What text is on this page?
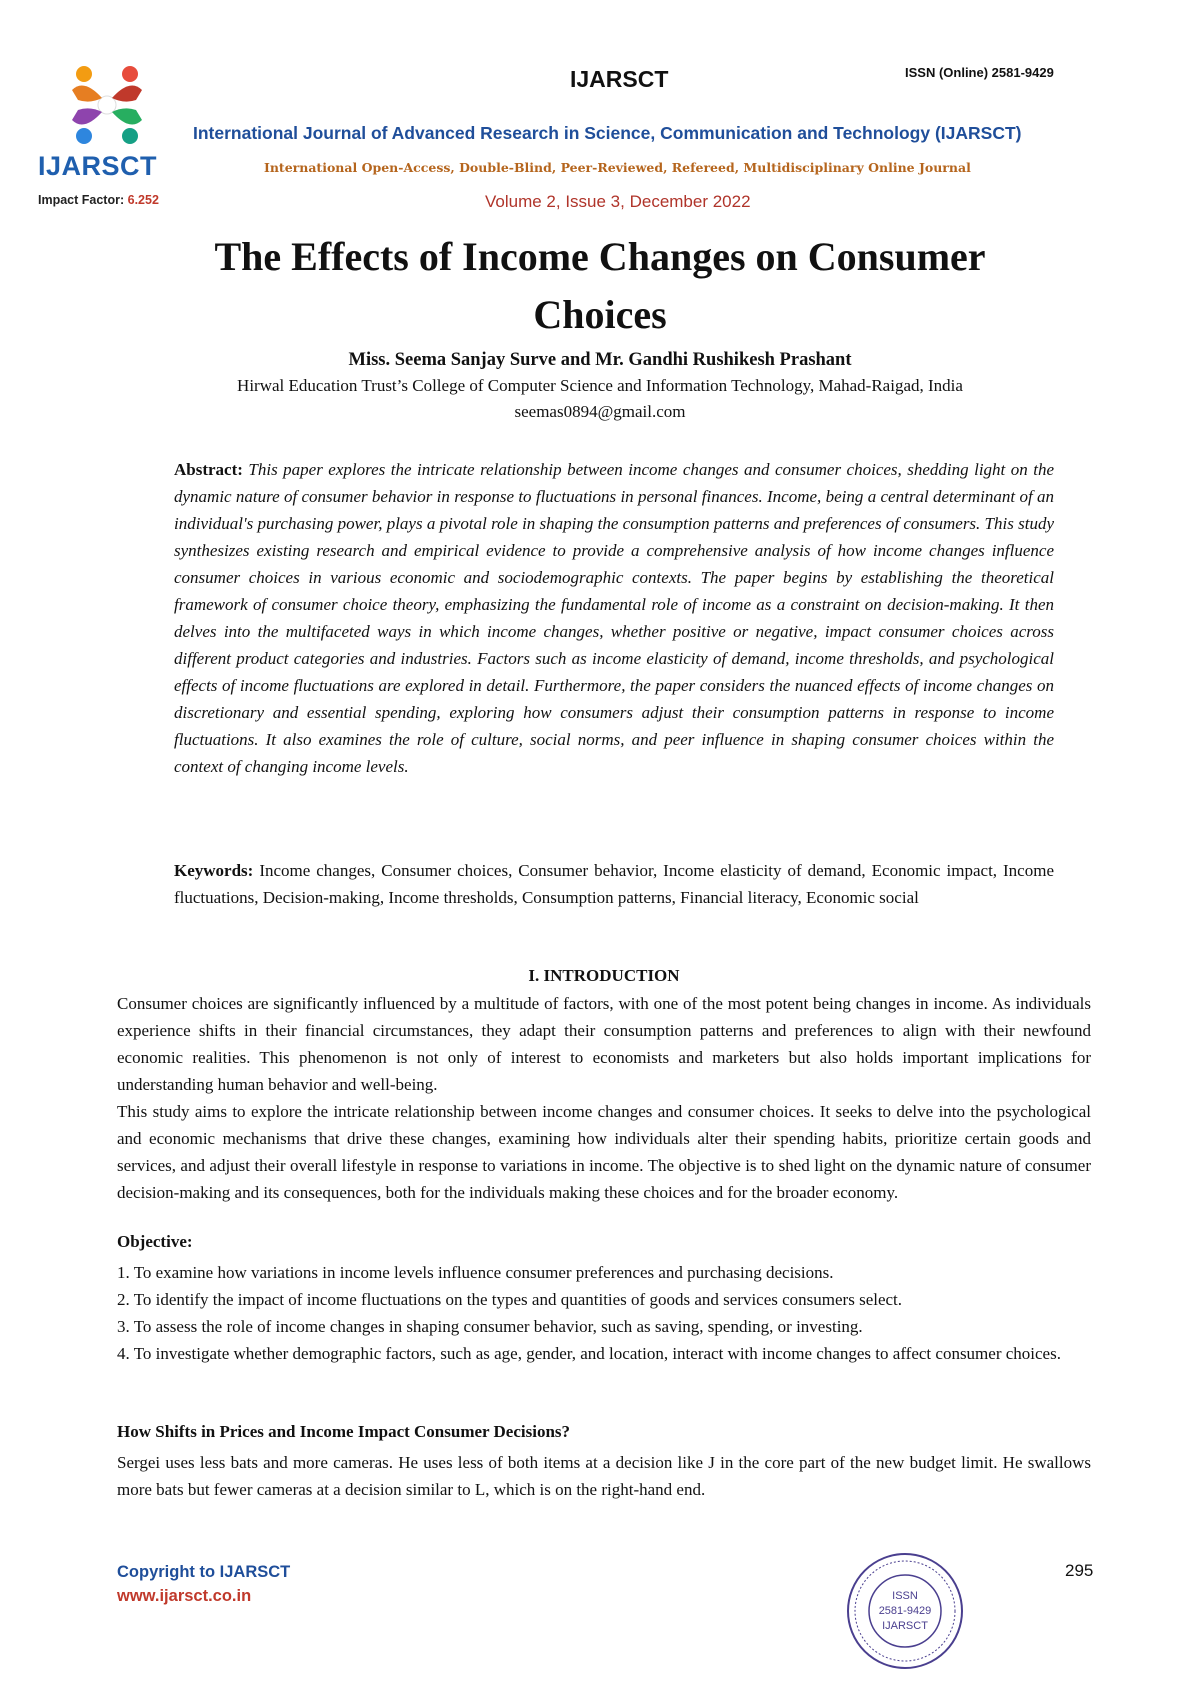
IJARSCT
Impact Factor: 6.252
IJARSCT	ISSN (Online) 2581-9429
International Journal of Advanced Research in Science, Communication and Technology (IJARSCT)
International Open-Access, Double-Blind, Peer-Reviewed, Refereed, Multidisciplinary Online Journal
Volume 2, Issue 3, December 2022
The Effects of Income Changes on Consumer
Choices
Miss. Seema Sanjay Surve and Mr. Gandhi Rushikesh Prashant
Hirwal Education Trust’s College of Computer Science and Information Technology, Mahad-Raigad, India
seemas0894@gmail.com
Abstract: This paper explores the intricate relationship between income changes and consumer choices, shedding light on the dynamic nature of consumer behavior in response to fluctuations in personal finances. Income, being a central determinant of an individual's purchasing power, plays a pivotal role in shaping the consumption patterns and preferences of consumers. This study synthesizes existing research and empirical evidence to provide a comprehensive analysis of how income changes influence consumer choices in various economic and sociodemographic contexts. The paper begins by establishing the theoretical framework of consumer choice theory, emphasizing the fundamental role of income as a constraint on decision-making. It then delves into the multifaceted ways in which income changes, whether positive or negative, impact consumer choices across different product categories and industries. Factors such as income elasticity of demand, income thresholds, and psychological effects of income fluctuations are explored in detail. Furthermore, the paper considers the nuanced effects of income changes on discretionary and essential spending, exploring how consumers adjust their consumption patterns in response to income fluctuations. It also examines the role of culture, social norms, and peer influence in shaping consumer choices within the context of changing income levels.
Keywords: Income changes, Consumer choices, Consumer behavior, Income elasticity of demand, Economic impact, Income fluctuations, Decision-making, Income thresholds, Consumption patterns, Financial literacy, Economic social
I. INTRODUCTION
Consumer choices are significantly influenced by a multitude of factors, with one of the most potent being changes in income. As individuals experience shifts in their financial circumstances, they adapt their consumption patterns and preferences to align with their newfound economic realities. This phenomenon is not only of interest to economists and marketers but also holds important implications for understanding human behavior and well-being.
This study aims to explore the intricate relationship between income changes and consumer choices. It seeks to delve into the psychological and economic mechanisms that drive these changes, examining how individuals alter their spending habits, prioritize certain goods and services, and adjust their overall lifestyle in response to variations in income. The objective is to shed light on the dynamic nature of consumer decision-making and its consequences, both for the individuals making these choices and for the broader economy.
Objective:
1. To examine how variations in income levels influence consumer preferences and purchasing decisions.
2. To identify the impact of income fluctuations on the types and quantities of goods and services consumers select.
3. To assess the role of income changes in shaping consumer behavior, such as saving, spending, or investing.
4. To investigate whether demographic factors, such as age, gender, and location, interact with income changes to affect consumer choices.
How Shifts in Prices and Income Impact Consumer Decisions?
Sergei uses less bats and more cameras. He uses less of both items at a decision like J in the core part of the new budget limit. He swallows more bats but fewer cameras at a decision similar to L, which is on the right-hand end.
Copyright to IJARSCT
www.ijarsct.co.in	ISSN
2581-9429
IJARSCT
295
